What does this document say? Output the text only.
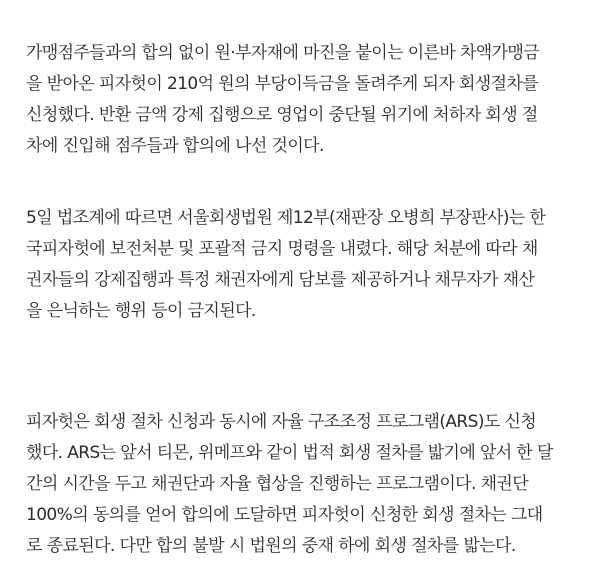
가맹점주들과의 합의 없이 원·부자재에 마진을 붙이는 이른바 차액가맹금
을 받아온 피자헛이 210억 원의 부당이득금을 돌려주게 되자 회생절차를
신청했다. 반환 금액 강제 집행으로 영업이 중단될 위기에 처하자 회생 절
차에 진입해 점주들과 합의에 나선 것이다.
5일 법조계에 따르면 서울회생법원 제12부(재판장 오병희 부장판사)는 한
국피자헛에 보전처분 및 포괄적 금지 명령을 내렸다. 해당 처분에 따라 채
권자들의 강제집행과 특정 채권자에게 담보를 제공하거나 채무자가 재산
을 은닉하는 행위 등이 금지된다.
피자헛은 회생 절차 신청과 동시에 자율 구조조정 프로그램(ARS)도 신청
했다. ARS는 앞서 티몬, 위메프와 같이 법적 회생 절차를 밟기에 앞서 한 달
간의 시간을 두고 채권단과 자율 협상을 진행하는 프로그램이다. 채권단
100%의 동의를 얻어 합의에 도달하면 피자헛이 신청한 회생 절차는 그대
로 종료된다. 다만 합의 불발 시 법원의 중재 하에 회생 절차를 밟는다.
